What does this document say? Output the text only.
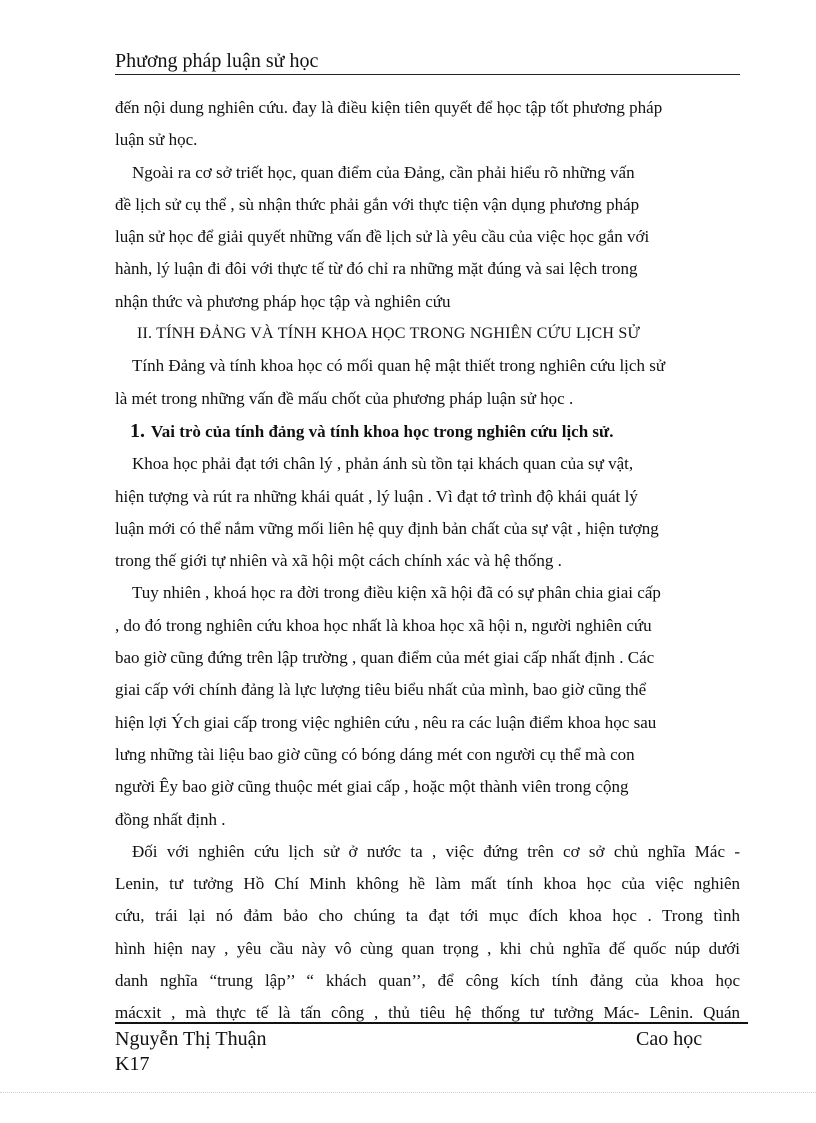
Phương pháp luận sử học

đến nội dung nghiên cứu. đay là điều kiện tiên quyết để học tập tốt phương pháp
luận sử học.

Ngoài ra cơ sở triết học, quan điểm của Đảng, cần phải hiểu rõ những vấn
đề lịch sử cụ thể , sù nhận thức phải gắn với thực tiện vận dụng phương pháp
luận sử học để giải quyết những vấn đề lịch sử là yêu cầu của việc học gắn với
hành, lý luận đi đôi với thực tế từ đó chỉ ra những mặt đúng và sai lệch trong
nhận thức và phương pháp học tập và nghiên cứu

II. TÍNH ĐẢNG VÀ TÍNH KHOA HỌC TRONG NGHIÊN CỨU LỊCH SỬ

Tính Đảng và tính khoa học có mối quan hệ mật thiết trong nghiên cứu lịch sử
là mét trong những vấn đề mấu chốt của phương pháp luận sử học .

1. Vai trò của tính đảng và tính khoa học trong nghiên cứu lịch sử.

Khoa học phải đạt tới chân lý , phản ánh sù tồn tại khách quan của sự vật,
hiện tượng và rút ra những khái quát , lý luận . Vì đạt tớ trình độ khái quát lý
luận mới có thể nắm vững mối liên hệ quy định bản chất của sự vật , hiện tượng
trong thế giới tự nhiên và xã hội một cách chính xác và hệ thống .

Tuy nhiên , khoá học ra đời trong điều kiện xã hội đã có sự phân chia giai cấp
, do đó trong nghiên cứu khoa học nhất là khoa học xã hội n, người nghiên cứu
bao giờ cũng đứng trên lập trường , quan điểm của mét giai cấp nhất định . Các
giai cấp với chính đảng là lực lượng tiêu biểu nhất của mình, bao giờ cũng thể
hiện lợi Ých giai cấp trong việc nghiên cứu , nêu ra các luận điểm khoa học sau
lưng những tài liệu bao giờ cũng có bóng dáng mét con người cụ thể mà con
người Êy bao giờ cũng thuộc mét giai cấp , hoặc một thành viên trong cộng
đồng nhất định .

Đối với nghiên cứu lịch sử ở nước ta , việc đứng trên cơ sở chủ nghĩa Mác -
Lenin, tư tưởng Hồ Chí Minh không hề làm mất tính khoa học của việc nghiên
cứu, trái lại nó đảm bảo cho chúng ta đạt tới mục đích khoa học . Trong tình
hình hiện nay , yêu cầu này vô cùng quan trọng , khi chủ nghĩa đế quốc núp dưới
danh nghĩa “trung lập’’ “ khách quan’’, để công kích tính đảng của khoa học
mácxit , mà thực tế là tấn công , thủ tiêu hệ thống tư tưởng Mác- Lênin. Quán

Nguyễn Thị Thuận
K17
Cao học
